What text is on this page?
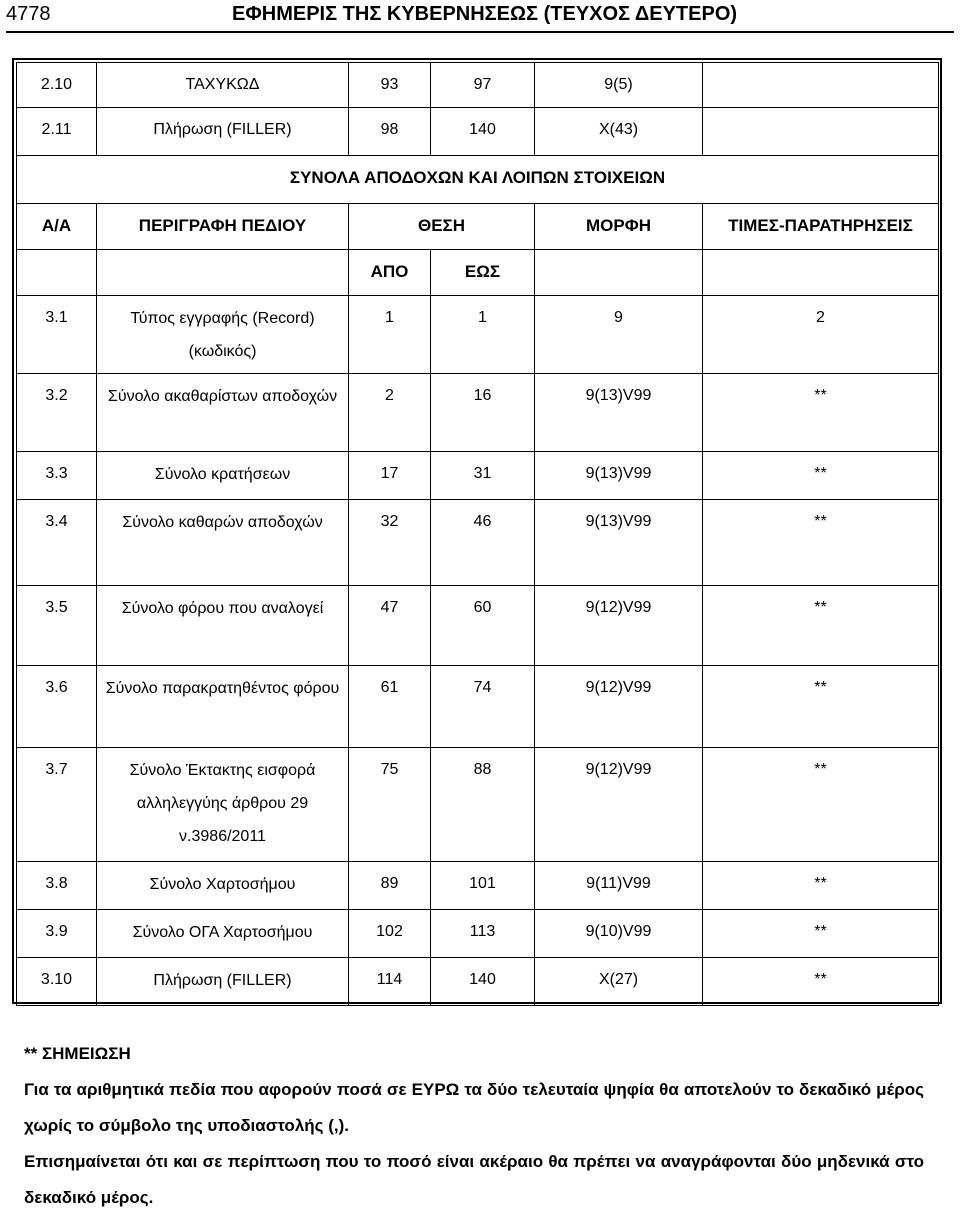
4778	ΕΦΗΜΕΡΙΣ ΤΗΣ ΚΥΒΕΡΝΗΣΕΩΣ (ΤΕΥΧΟΣ ΔΕΥΤΕΡΟ)
2.10	ΤΑΧΥΚΩΔ	93	97	9(5)	

2.11	Πλήρωση (FILLER)	98	140	X(43)	

ΣΥΝΟΛΑ ΑΠΟΔΟΧΩΝ ΚΑΙ ΛΟΙΠΩΝ ΣΤΟΙΧΕΙΩΝ					

Α/Α	ΠΕΡΙΓΡΑΦΗ ΠΕΔΙΟΥ	ΘΕΣΗ		ΜΟΡΦΗ	ΤΙΜΕΣ-ΠΑΡΑΤΗΡΗΣΕΙΣ

		ΑΠΟ	ΕΩΣ		

3.1	Τύπος εγγραφής (Record) (κωδικός)	1	1	9	2

3.2	Σύνολο ακαθαρίστων αποδοχών	2	16	9(13)V99	**

3.3	Σύνολο κρατήσεων	17	31	9(13)V99	**

3.4	Σύνολο καθαρών αποδοχών	32	46	9(13)V99	**

3.5	Σύνολο φόρου που αναλογεί	47	60	9(12)V99	**

3.6	Σύνολο παρακρατηθέντος φόρου	61	74	9(12)V99	**

3.7	Σύνολο Έκτακτης εισφορά αλληλεγγύης άρθρου 29 ν.3986/2011	75	88	9(12)V99	**

3.8	Σύνολο Χαρτοσήμου	89	101	9(11)V99	**

3.9	Σύνολο ΟΓΑ Χαρτοσήμου	102	113	9(10)V99	**

3.10	Πλήρωση (FILLER)	114	140	X(27)	**
** ΣΗΜΕΙΩΣΗ

Για τα αριθμητικά πεδία που αφορούν ποσά σε ΕΥΡΩ τα δύο τελευταία ψηφία θα αποτελούν το δεκαδικό μέρος χωρίς το σύμβολο της υποδιαστολής (,).

Επισημαίνεται ότι και σε περίπτωση που το ποσό είναι ακέραιο θα πρέπει να αναγράφονται δύο μηδενικά στο δεκαδικό μέρος.
